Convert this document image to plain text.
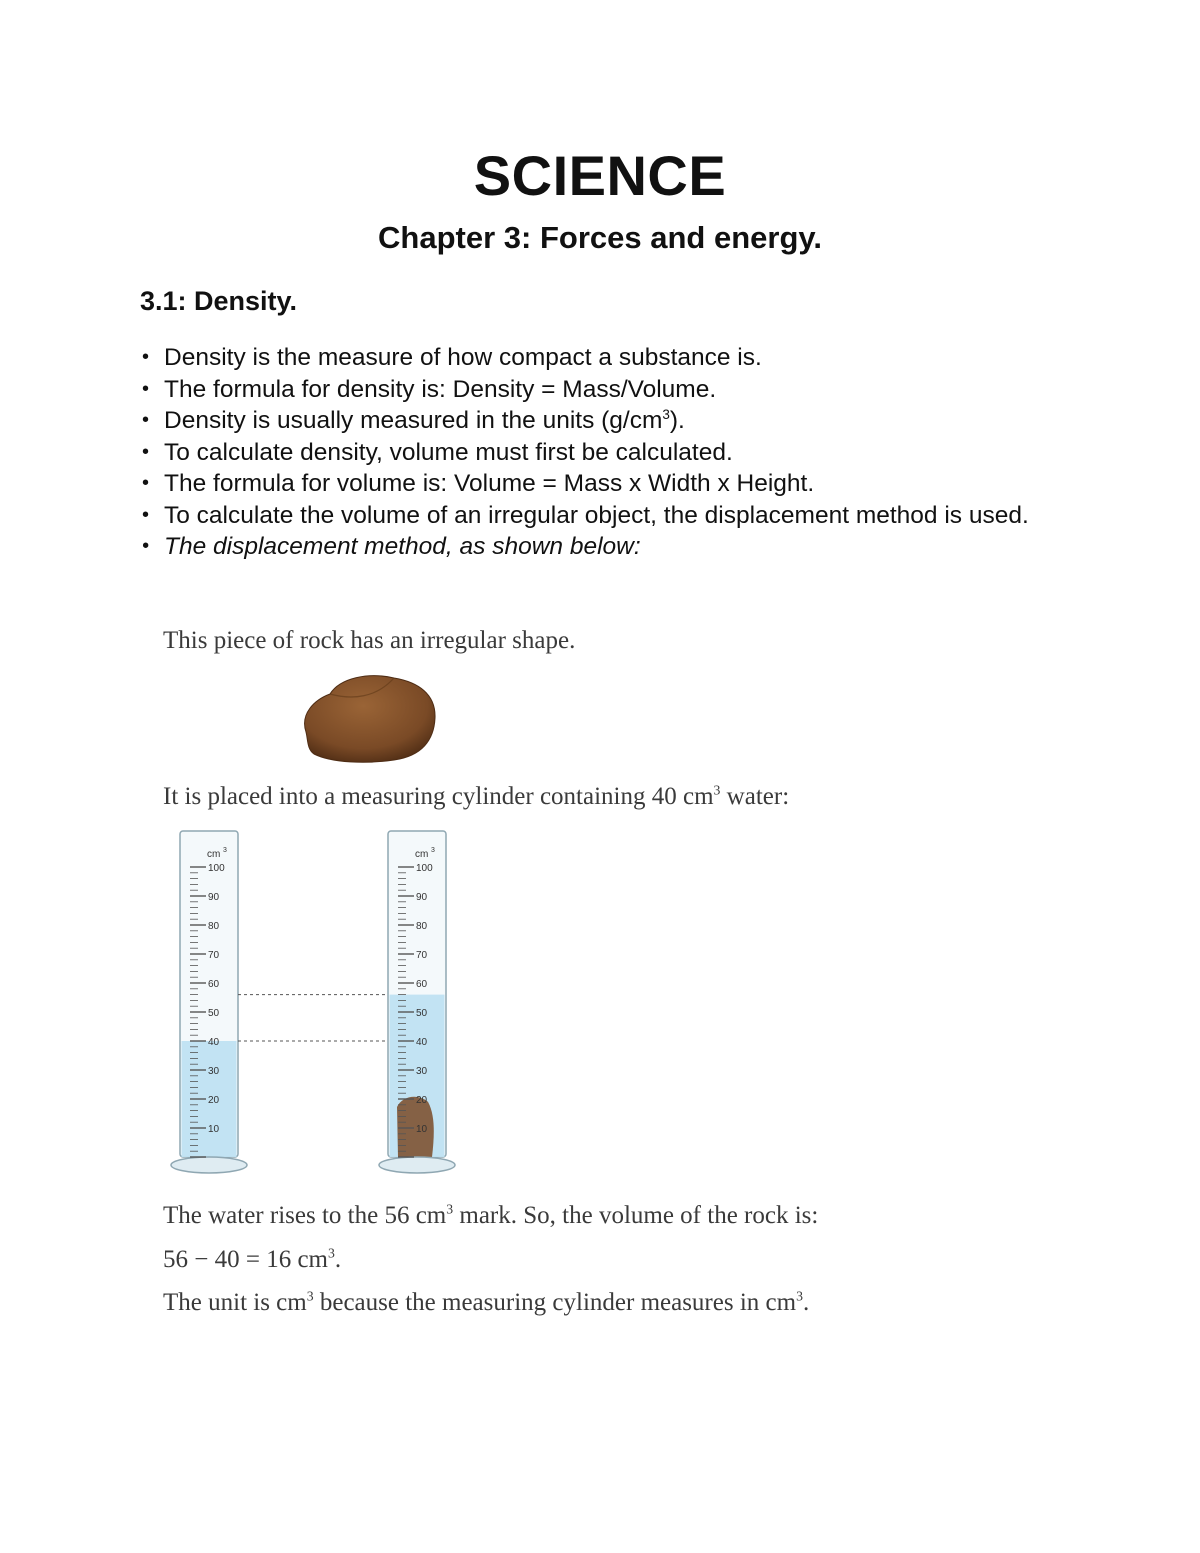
SCIENCE
Chapter 3: Forces and energy.
3.1: Density.
• Density is the measure of how compact a substance is.
• The formula for density is: Density = Mass/Volume.
• Density is usually measured in the units $(g/cm^3)$.
• To calculate density, volume must first be calculated.
• The formula for volume is: Volume = Mass x Width x Height.
• To calculate the volume of an irregular object, the displacement method is used.
• The displacement method, as shown below:
This piece of rock has an irregular shape.
It is placed into a measuring cylinder containing 40 $cm^3$ water:
100
90
80
70
60
50
40
30
20
10
cm 3
100
90
80
70
60
50
40
30
20
10
cm 3
The water rises to the 56 $cm^3$ mark. So, the volume of the rock is:
56 − 40 = 16 $cm^3$.
The unit is $cm^3$ because the measuring cylinder measures in $cm^3$.
